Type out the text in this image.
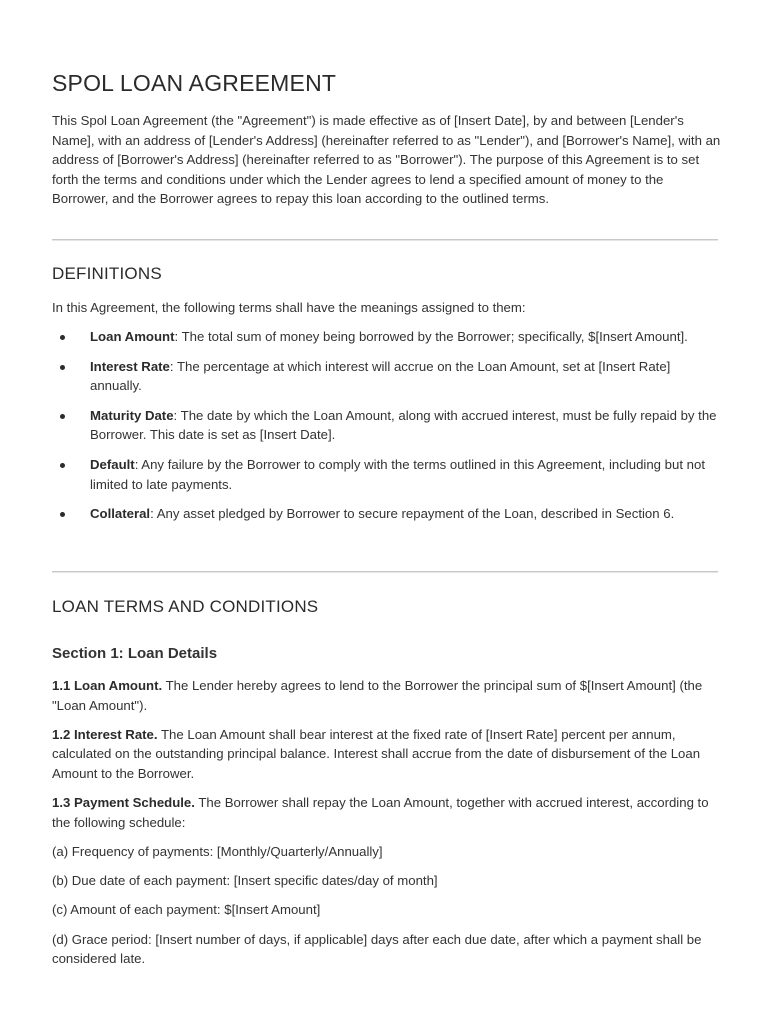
SPOL LOAN AGREEMENT

This Spol Loan Agreement (the "Agreement") is made effective as of [Insert Date], by and between [Lender's Name], with an address of [Lender's Address] (hereinafter referred to as "Lender"), and [Borrower's Name], with an address of [Borrower's Address] (hereinafter referred to as "Borrower"). The purpose of this Agreement is to set forth the terms and conditions under which the Lender agrees to lend a specified amount of money to the Borrower, and the Borrower agrees to repay this loan according to the outlined terms.

DEFINITIONS

In this Agreement, the following terms shall have the meanings assigned to them:

Loan Amount: The total sum of money being borrowed by the Borrower; specifically, $[Insert Amount].
Interest Rate: The percentage at which interest will accrue on the Loan Amount, set at [Insert Rate] annually.
Maturity Date: The date by which the Loan Amount, along with accrued interest, must be fully repaid by the Borrower. This date is set as [Insert Date].
Default: Any failure by the Borrower to comply with the terms outlined in this Agreement, including but not limited to late payments.
Collateral: Any asset pledged by Borrower to secure repayment of the Loan, described in Section 6.
LOAN TERMS AND CONDITIONS
Section 1: Loan Details

1.1 Loan Amount. The Lender hereby agrees to lend to the Borrower the principal sum of $[Insert Amount] (the "Loan Amount").

1.2 Interest Rate. The Loan Amount shall bear interest at the fixed rate of [Insert Rate] percent per annum, calculated on the outstanding principal balance. Interest shall accrue from the date of disbursement of the Loan Amount to the Borrower.

1.3 Payment Schedule. The Borrower shall repay the Loan Amount, together with accrued interest, according to the following schedule:

(a) Frequency of payments: [Monthly/Quarterly/Annually]

(b) Due date of each payment: [Insert specific dates/day of month]

(c) Amount of each payment: $[Insert Amount]

(d) Grace period: [Insert number of days, if applicable] days after each due date, after which a payment shall be considered late.
